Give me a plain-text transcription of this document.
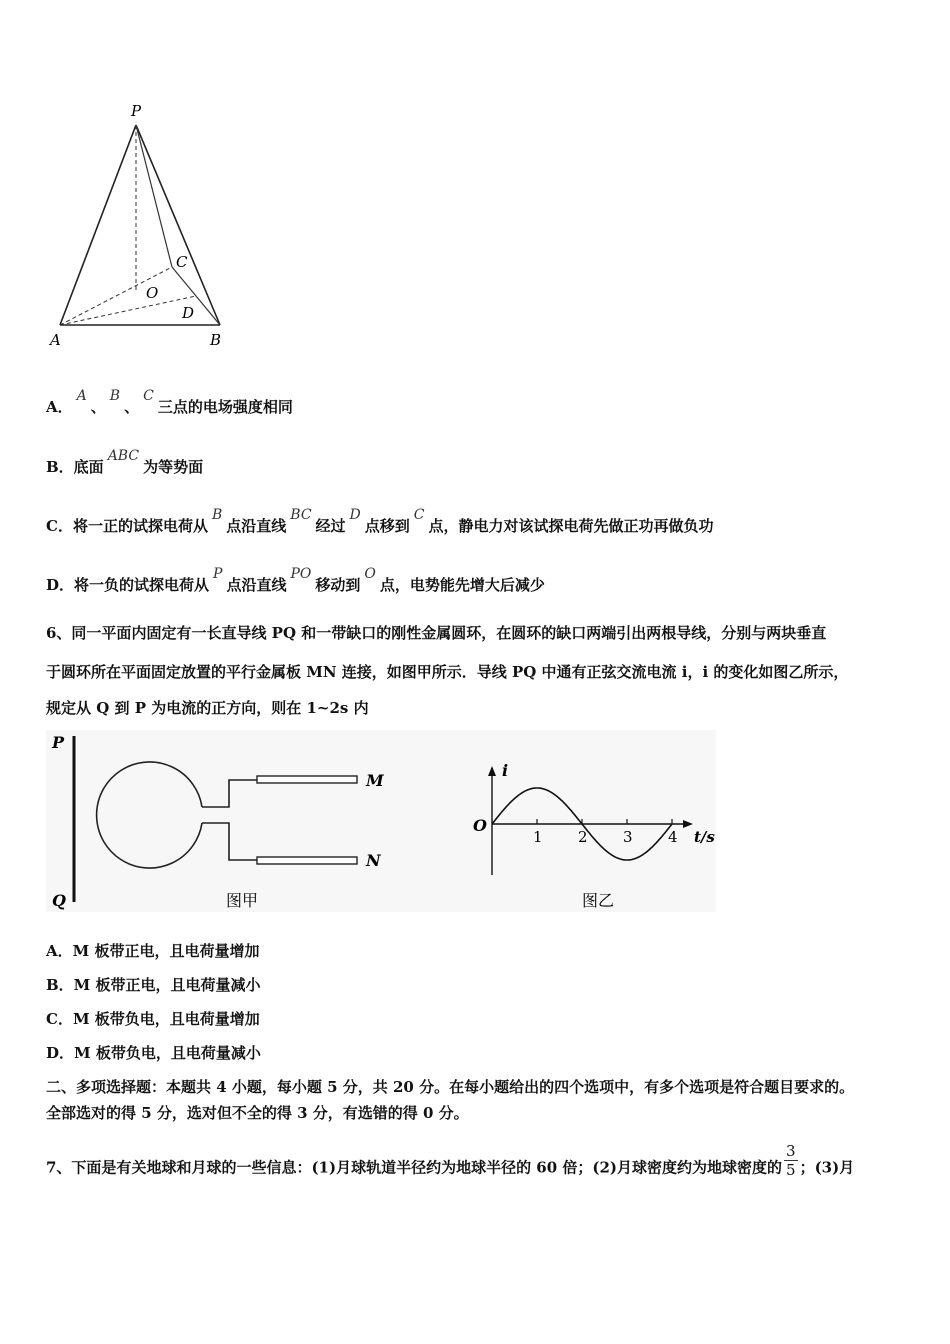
P
A	B
C
D
O
A．A、B、C三点的电场强度相同
B．底面ABC为等势面
C．将一正的试探电荷从B点沿直线BC经过D点移到C点，静电力对该试探电荷先做正功再做负功
D．将一负的试探电荷从P点沿直线PO移动到O点，电势能先增大后减少
6、同一平面内固定有一长直导线 PQ 和一带缺口的刚性金属圆环，在圆环的缺口两端引出两根导线，分别与两块垂直
于圆环所在平面固定放置的平行金属板 MN 连接，如图甲所示．导线 PQ 中通有正弦交流电流 i，i 的变化如图乙所示，
规定从 Q 到 P 为电流的正方向，则在 1~2s 内
P
Q
M
N
图甲
i
t/s
O
1 2 3 4
图乙
A．M 板带正电，且电荷量增加
B．M 板带正电，且电荷量减小
C．M 板带负电，且电荷量增加
D．M 板带负电，且电荷量减小
二、多项选择题：本题共 4 小题，每小题 5 分，共 20 分。在每小题给出的四个选项中，有多个选项是符合题目要求的。
全部选对的得 5 分，选对但不全的得 3 分，有选错的得 0 分。
7、下面是有关地球和月球的一些信息：(1)月球轨道半径约为地球半径的 60 倍；(2)月球密度约为地球密度的 $\frac{3}{5}$ ；(3)月
